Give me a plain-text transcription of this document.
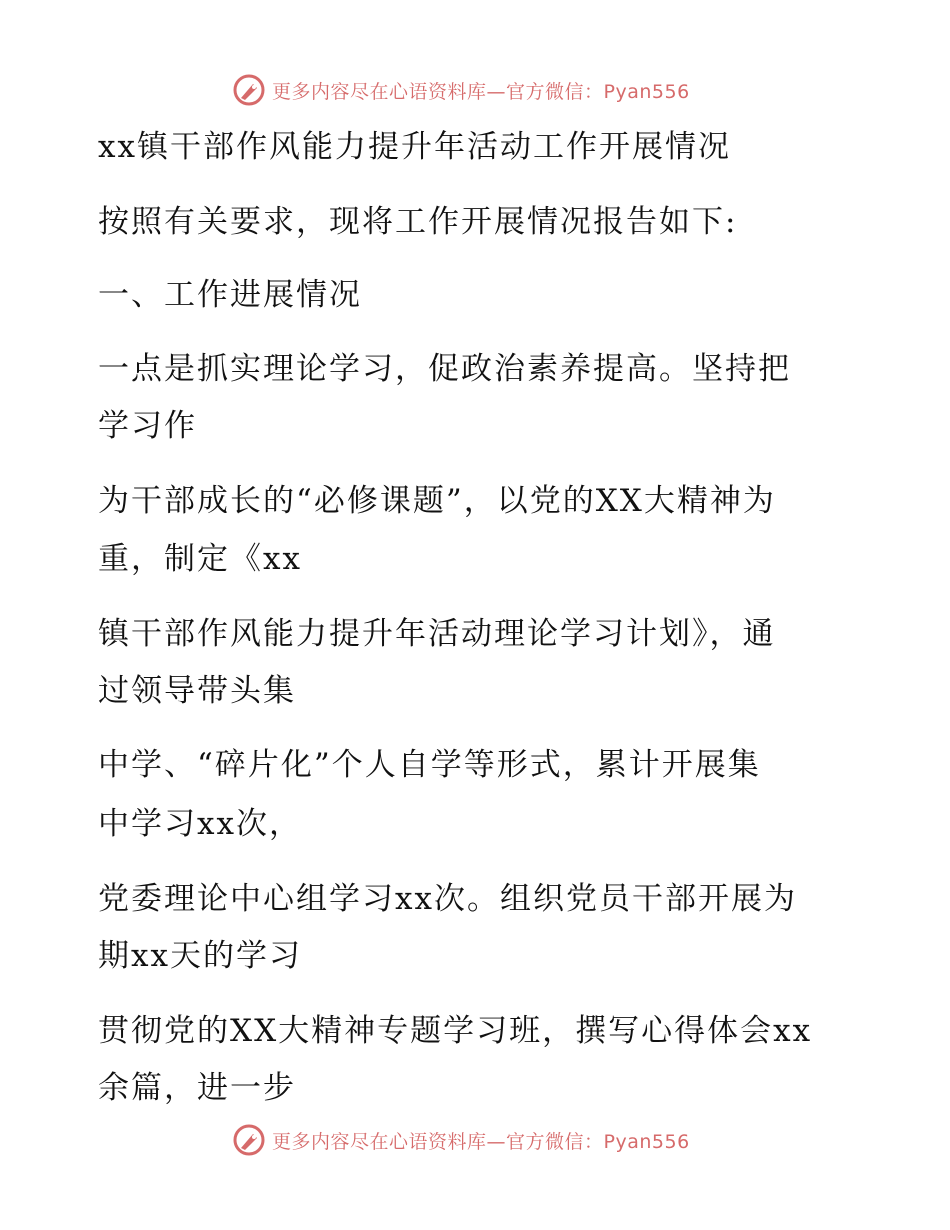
更多内容尽在心语资料库—官方微信：Pyan556
xx镇干部作风能力提升年活动工作开展情况
按照有关要求，现将工作开展情况报告如下:
一、工作进展情况
一点是抓实理论学习，促政治素养提高。坚持把
学习作
为干部成长的“必修课题”，以党的XX大精神为
重，制定《xx
镇干部作风能力提升年活动理论学习计划》，通
过领导带头集
中学、“碎片化”个人自学等形式，累计开展集
中学习xx次，
党委理论中心组学习xx次。组织党员干部开展为
期xx天的学习
贯彻党的XX大精神专题学习班，撰写心得体会xx
余篇，进一步
更多内容尽在心语资料库—官方微信：Pyan556
